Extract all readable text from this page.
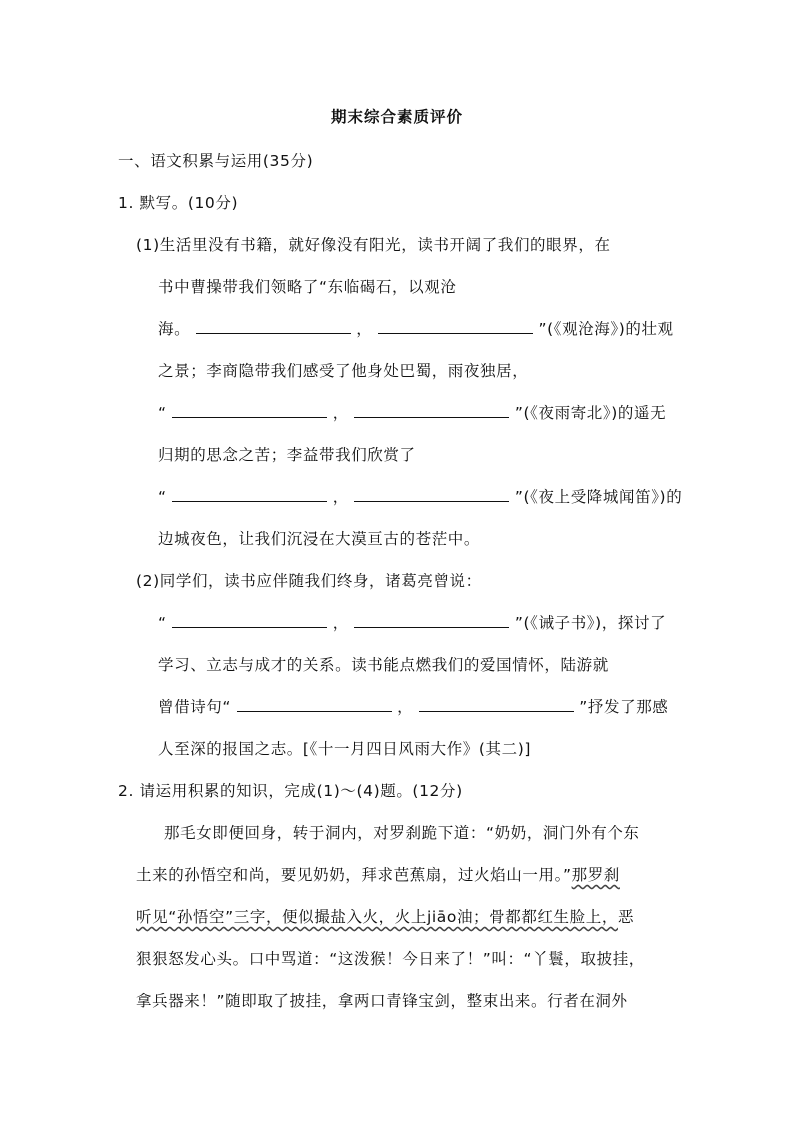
期末综合素质评价
一、语文积累与运用(35分)
1. 默写。(10分)
(1)生活里没有书籍，就好像没有阳光，读书开阔了我们的眼界，在
书中曹操带我们领略了“东临碣石，以观沧
海。	，	”(《观沧海》)的壮观
之景；李商隐带我们感受了他身处巴蜀，雨夜独居，
“	，	”(《夜雨寄北》)的遥无
归期的思念之苦；李益带我们欣赏了
“	，	”(《夜上受降城闻笛》)的
边城夜色，让我们沉浸在大漠亘古的苍茫中。
(2)同学们，读书应伴随我们终身，诸葛亮曾说：
“	，	”(《诫子书》)，探讨了
学习、立志与成才的关系。读书能点燃我们的爱国情怀，陆游就
曾借诗句“	，	”抒发了那感
人至深的报国之志。[《十一月四日风雨大作》(其二)]
2. 请运用积累的知识，完成(1)～(4)题。(12分)
那毛女即便回身，转于洞内，对罗刹跪下道：“奶奶，洞门外有个东
土来的孙悟空和尚，要见奶奶，拜求芭蕉扇，过火焰山一用。”那罗刹
听见“孙悟空”三字，便似撮盐入火，火上jiāo油；骨都都红生脸上，恶
狠狠怒发心头。口中骂道：“这泼猴！今日来了！”叫：“丫鬟，取披挂，
拿兵器来！”随即取了披挂，拿两口青锋宝剑，整束出来。行者在洞外
